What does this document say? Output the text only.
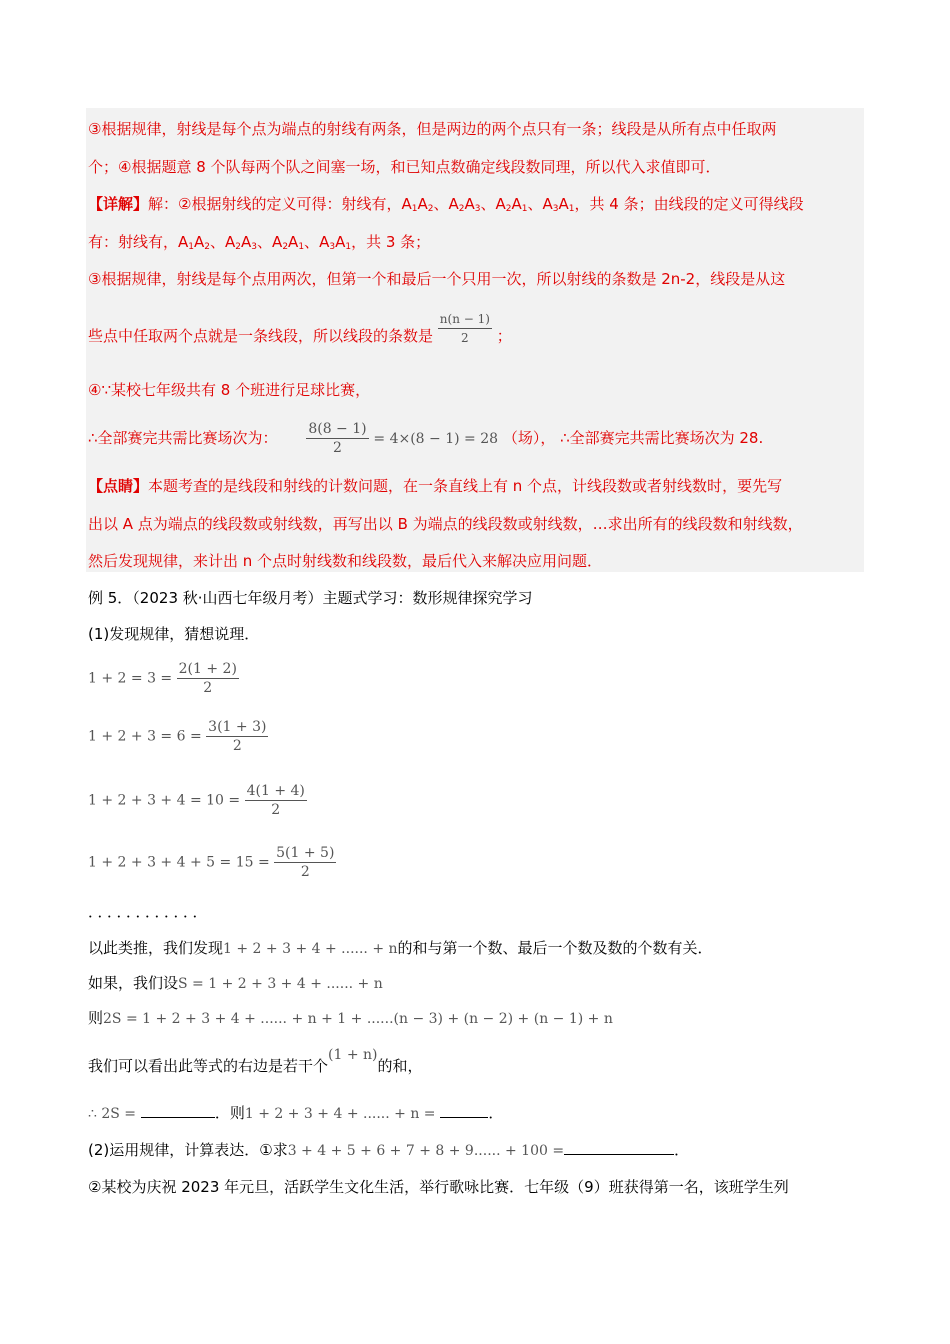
③根据规律，射线是每个点为端点的射线有两条，但是两边的两个点只有一条；线段是从所有点中任取两
个；④根据题意 8 个队每两个队之间塞一场，和已知点数确定线段数同理，所以代入求值即可．
【详解】解：②根据射线的定义可得：射线有，$A_1A_2$、$A_2A_3$、$A_2A_1$、$A_3A_1$，共 4 条；由线段的定义可得线段
有：射线有，$A_1A_2$、$A_2A_3$、$A_2A_1$、$A_3A_1$，共 3 条；
③根据规律，射线是每个点用两次，但第一个和最后一个只用一次，所以射线的条数是 2n-2，线段是从这
些点中任取两个点就是一条线段，所以线段的条数是 $\frac{n(n - 1)}{2}$ ；
④∵某校七年级共有 8 个班进行足球比赛，
∴全部赛完共需比赛场次为： $\frac{8(8 - 1)}{2} = 4\times(8 - 1) = 28$ （场）， ∴全部赛完共需比赛场次为 28.
【点睛】本题考查的是线段和射线的计数问题，在一条直线上有 n 个点，计线段数或者射线数时，要先写
出以 A 点为端点的线段数或射线数，再写出以 B 为端点的线段数或射线数，…求出所有的线段数和射线数，
然后发现规律，来计出 n 个点时射线数和线段数，最后代入来解决应用问题．
例 5．（2023 秋·山西七年级月考）主题式学习：数形规律探究学习
(1)发现规律，猜想说理．
$1 + 2 = 3 = \frac{2(1 + 2)}{2}$
$1 + 2 + 3 = 6 = \frac{3(1 + 3)}{2}$
$1 + 2 + 3 + 4 = 10 = \frac{4(1 + 4)}{2}$
$1 + 2 + 3 + 4 + 5 = 15 = \frac{5(1 + 5)}{2}$
．．．．．．．．．．．．
以此类推，我们发现1 + 2 + 3 + 4 + ...... + n的和与第一个数、最后一个数及数的个数有关．
如果，我们设S = 1 + 2 + 3 + 4 + ...... + n
则2S = 1 + 2 + 3 + 4 + ...... + n + 1 + ......(n − 3) + (n − 2) + (n − 1) + n
我们可以看出此等式的右边是若干个(1 + n)的和，
∴ 2S =	．则1 + 2 + 3 + 4 + ...... + n =	．
(2)运用规律，计算表达．①求3 + 4 + 5 + 6 + 7 + 8 + 9...... + 100 =	．
②某校为庆祝 2023 年元旦，活跃学生文化生活，举行歌咏比赛．七年级（9）班获得第一名，该班学生列
